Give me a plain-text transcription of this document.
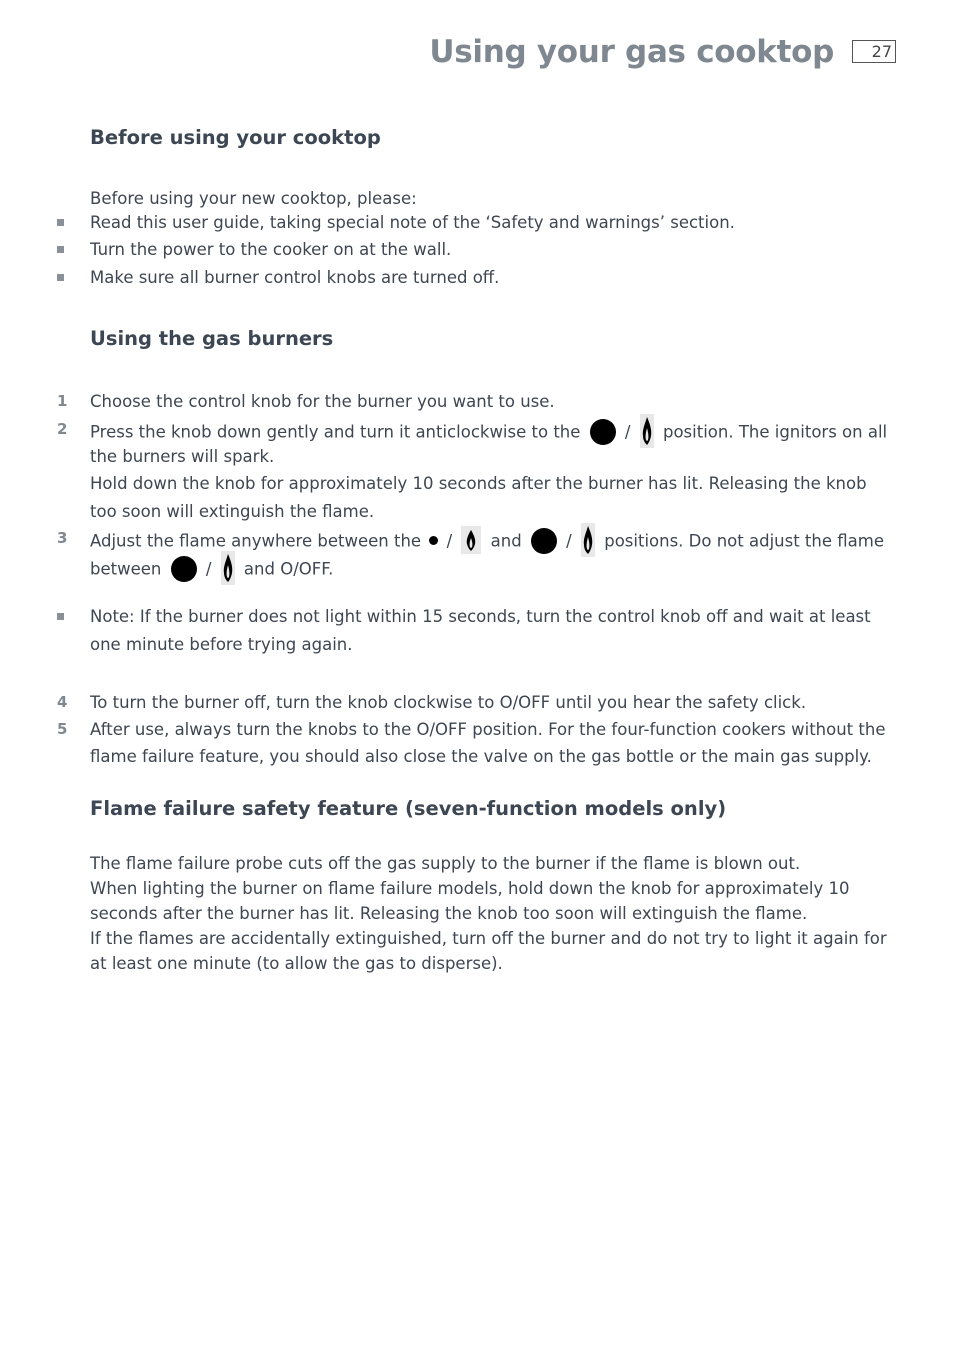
Using your gas cooktop	27
Before using your cooktop
Before using your new cooktop, please:
Read this user guide, taking special note of the ‘Safety and warnings’ section.
Turn the power to the cooker on at the wall.
Make sure all burner control knobs are turned off.
Using the gas burners
1 Choose the control knob for the burner you want to use.
2 Press the knob down gently and turn it anticlockwise to the	/ position. The ignitors on all
the burners will spark.
Hold down the knob for approximately 10 seconds after the burner has lit. Releasing the knob
too soon will extinguish the flame.
3 Adjust the flame anywhere between the / and	/ positions. Do not adjust the flame
between	/ and O/OFF.
Note: If the burner does not light within 15 seconds, turn the control knob off and wait at least
one minute before trying again.
4 To turn the burner off, turn the knob clockwise to O/OFF until you hear the safety click.
5 After use, always turn the knobs to the O/OFF position. For the four-function cookers without the
flame failure feature, you should also close the valve on the gas bottle or the main gas supply.
Flame failure safety feature (seven-function models only)
The flame failure probe cuts off the gas supply to the burner if the flame is blown out.
When lighting the burner on flame failure models, hold down the knob for approximately 10
seconds after the burner has lit. Releasing the knob too soon will extinguish the flame.
If the flames are accidentally extinguished, turn off the burner and do not try to light it again for
at least one minute (to allow the gas to disperse).
